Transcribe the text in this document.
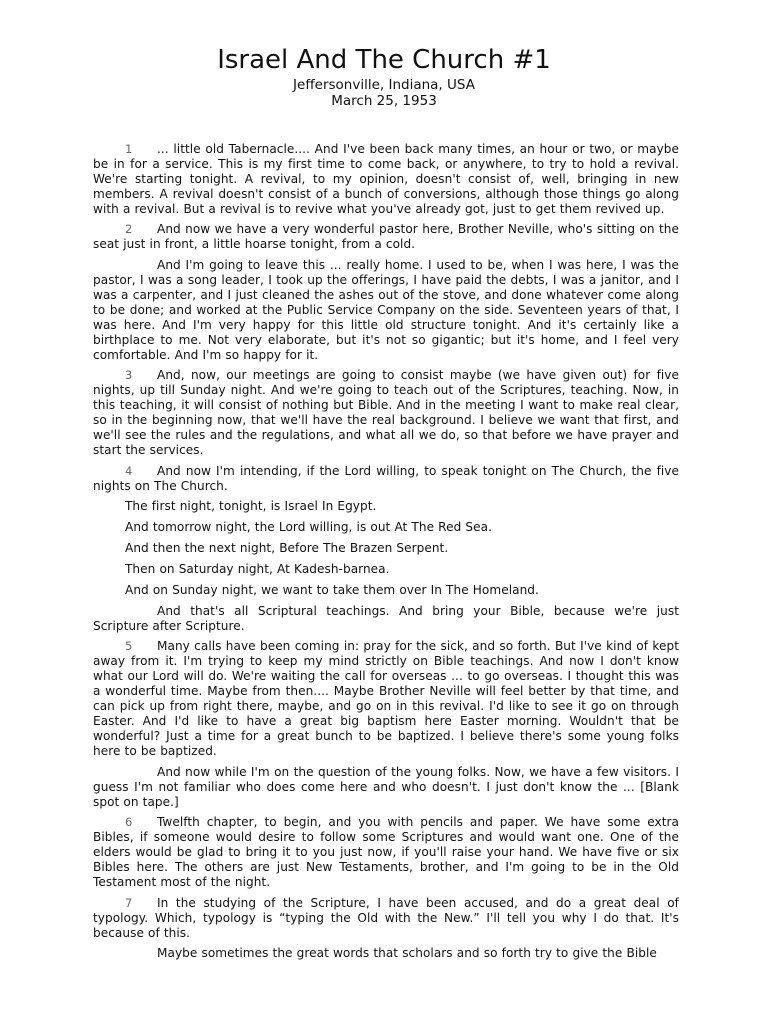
Israel And The Church #1
Jeffersonville, Indiana, USA
March 25, 1953
1 ... little old Tabernacle.... And I've been back many times, an hour or two, or maybe be in for a service. This is my first time to come back, or anywhere, to try to hold a revival. We're starting tonight. A revival, to my opinion, doesn't consist of, well, bringing in new members. A revival doesn't consist of a bunch of conversions, although those things go along with a revival. But a revival is to revive what you've already got, just to get them revived up.
2 And now we have a very wonderful pastor here, Brother Neville, who's sitting on the seat just in front, a little hoarse tonight, from a cold.
And I'm going to leave this ... really home. I used to be, when I was here, I was the pastor, I was a song leader, I took up the offerings, I have paid the debts, I was a janitor, and I was a carpenter, and I just cleaned the ashes out of the stove, and done whatever come along to be done; and worked at the Public Service Company on the side. Seventeen years of that, I was here. And I'm very happy for this little old structure tonight. And it's certainly like a birthplace to me. Not very elaborate, but it's not so gigantic; but it's home, and I feel very comfortable. And I'm so happy for it.
3 And, now, our meetings are going to consist maybe (we have given out) for five nights, up till Sunday night. And we're going to teach out of the Scriptures, teaching. Now, in this teaching, it will consist of nothing but Bible. And in the meeting I want to make real clear, so in the beginning now, that we'll have the real background. I believe we want that first, and we'll see the rules and the regulations, and what all we do, so that before we have prayer and start the services.
4 And now I'm intending, if the Lord willing, to speak tonight on The Church, the five nights on The Church.
The first night, tonight, is Israel In Egypt.
And tomorrow night, the Lord willing, is out At The Red Sea.
And then the next night, Before The Brazen Serpent.
Then on Saturday night, At Kadesh-barnea.
And on Sunday night, we want to take them over In The Homeland.
And that's all Scriptural teachings. And bring your Bible, because we're just Scripture after Scripture.
5 Many calls have been coming in: pray for the sick, and so forth. But I've kind of kept away from it. I'm trying to keep my mind strictly on Bible teachings. And now I don't know what our Lord will do. We're waiting the call for overseas ... to go overseas. I thought this was a wonderful time. Maybe from then.... Maybe Brother Neville will feel better by that time, and can pick up from right there, maybe, and go on in this revival. I'd like to see it go on through Easter. And I'd like to have a great big baptism here Easter morning. Wouldn't that be wonderful? Just a time for a great bunch to be baptized. I believe there's some young folks here to be baptized.
And now while I'm on the question of the young folks. Now, we have a few visitors. I guess I'm not familiar who does come here and who doesn't. I just don't know the ... [Blank spot on tape.]
6 Twelfth chapter, to begin, and you with pencils and paper. We have some extra Bibles, if someone would desire to follow some Scriptures and would want one. One of the elders would be glad to bring it to you just now, if you'll raise your hand. We have five or six Bibles here. The others are just New Testaments, brother, and I'm going to be in the Old Testament most of the night.
7 In the studying of the Scripture, I have been accused, and do a great deal of typology. Which, typology is “typing the Old with the New.” I'll tell you why I do that. It's because of this.
Maybe sometimes the great words that scholars and so forth try to give the Bible
